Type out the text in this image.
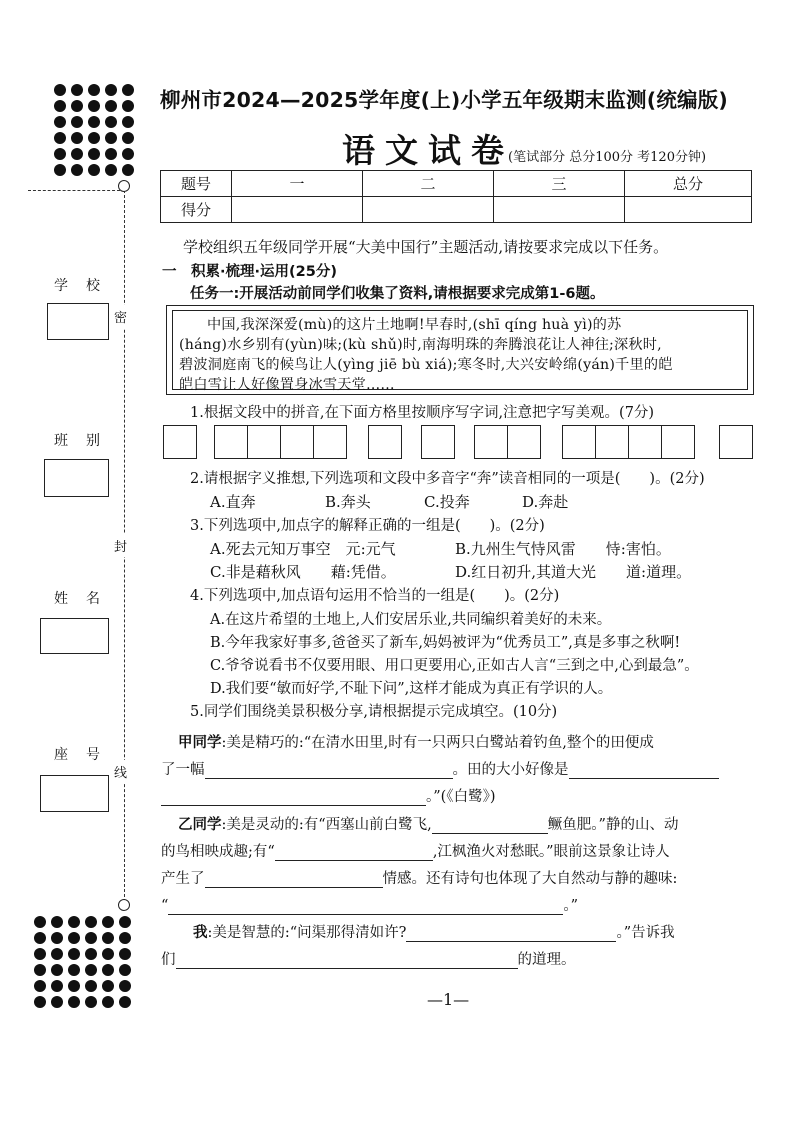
密
封
线
学校
班别
姓名
座号
柳州市2024—2025学年度(上)小学五年级期末监测(统编版)
语文试卷
(笔试部分 总分100分 考120分钟)
题号	一	二	三	总分
得分				
学校组织五年级同学开展“大美中国行”主题活动,请按要求完成以下任务。
一　积累·梳理·运用(25分)
任务一:开展活动前同学们收集了资料,请根据要求完成第1-6题。
中国,我深深爱(mù)的这片土地啊!早春时,(shī qíng huà yì)的苏
(háng)水乡别有(yùn)味;(kù shǔ)时,南海明珠的奔腾浪花让人神往;深秋时,
碧波洞庭南飞的候鸟让人(yìng jiē bù xiá);寒冬时,大兴安岭绵(yán)千里的皑
皑白雪让人好像置身冰雪天堂……
1.根据文段中的拼音,在下面方格里按顺序写字词,注意把字写美观。(7分)
2.请根据字义推想,下列选项和文段中多音字“奔”读音相同的一项是(　　)。(2分)
A.直奔	B.奔头	C.投奔	D.奔赴
3.下列选项中,加点字的解释正确的一组是(　　)。(2分)
A.死去元知万事空　元:元气	B.九州生气恃风雷　　恃:害怕。
C.非是藉秋风　　藉:凭借。	D.红日初升,其道大光　　道:道理。
4.下列选项中,加点语句运用不恰当的一组是(　　)。(2分)
A.在这片希望的土地上,人们安居乐业,共同编织着美好的未来。
B.今年我家好事多,爸爸买了新车,妈妈被评为“优秀员工”,真是多事之秋啊!
C.爷爷说看书不仅要用眼、用口更要用心,正如古人言“三到之中,心到最急”。
D.我们要“敏而好学,不耻下问”,这样才能成为真正有学识的人。
5.同学们围绕美景积极分享,请根据提示完成填空。(10分)
甲同学:美是精巧的:“在清水田里,时有一只两只白鹭站着钓鱼,整个的田便成
了一幅	。田的大小好像是
。”(《白鹭》)
乙同学:美是灵动的:有“西塞山前白鹭飞,	鳜鱼肥。”静的山、动
的鸟相映成趣;有“	,江枫渔火对愁眠。”眼前这景象让诗人
产生了	情感。还有诗句也体现了大自然动与静的趣味:
“	。”
我:美是智慧的:“问渠那得清如许?	。”告诉我
们	的道理。
—1—
